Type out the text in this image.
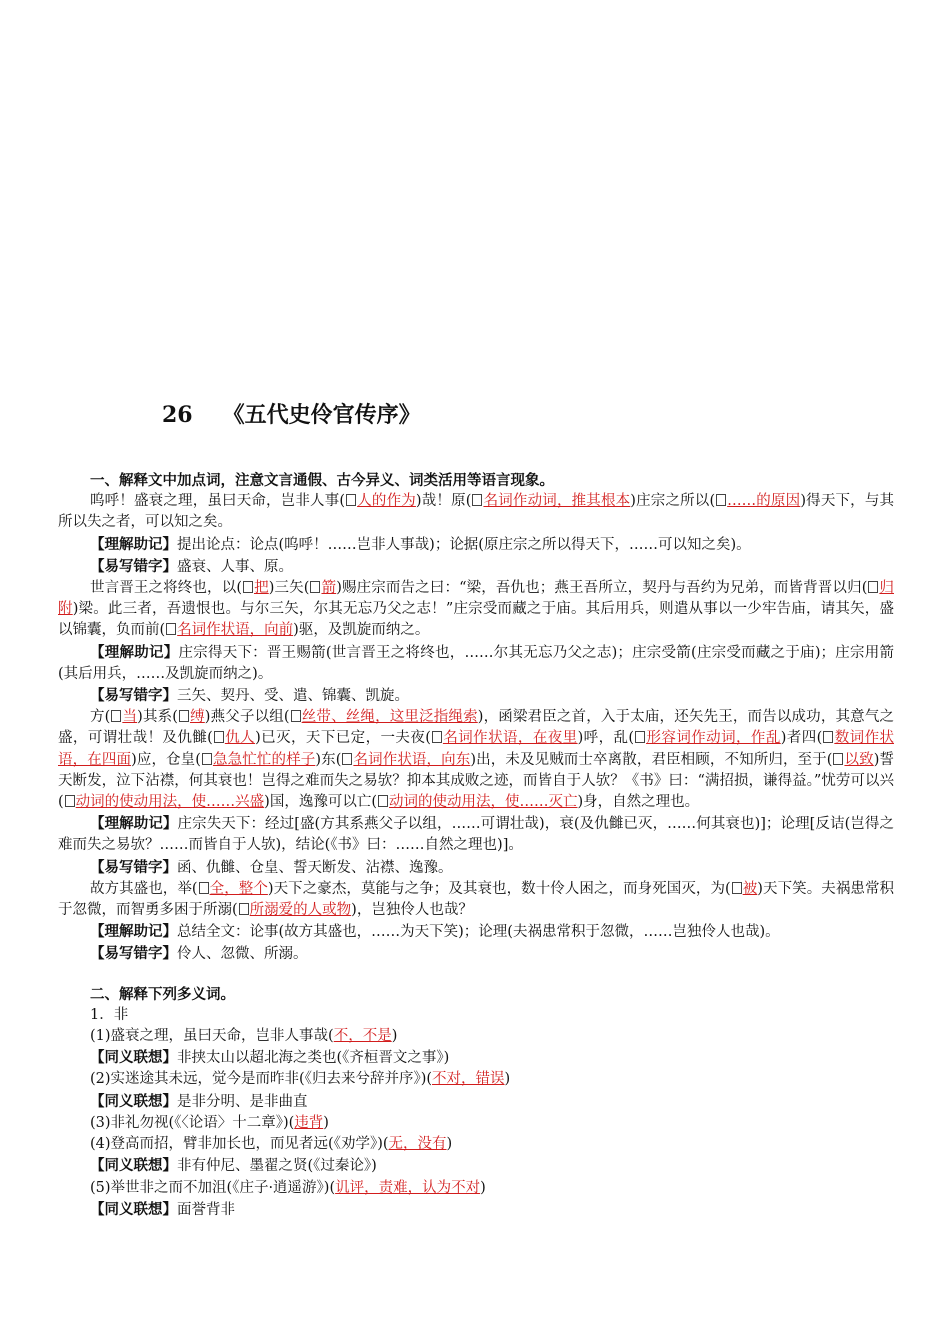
26 《五代史伶官传序》
一、解释文中加点词，注意文言通假、古今异义、词类活用等语言现象。
呜呼！盛衰之理，虽曰天命，岂非人事( 人的作为)哉！原( 名词作动词，推其根本)庄宗之所以( ……的原因)得天下，与其所以失之者，可以知之矣。
【理解助记】提出论点：论点(呜呼！……岂非人事哉)；论据(原庄宗之所以得天下，……可以知之矣)。
【易写错字】盛衰、人事、原。
世言晋王之将终也，以( 把)三矢( 箭)赐庄宗而告之曰：“梁，吾仇也；燕王吾所立，契丹与吾约为兄弟，而皆背晋以归( 归附)梁。此三者，吾遗恨也。与尔三矢，尔其无忘乃父之志！”庄宗受而藏之于庙。其后用兵，则遣从事以一少牢告庙，请其矢，盛以锦囊，负而前( 名词作状语，向前)驱，及凯旋而纳之。
【理解助记】庄宗得天下：晋王赐箭(世言晋王之将终也，……尔其无忘乃父之志)；庄宗受箭(庄宗受而藏之于庙)；庄宗用箭(其后用兵，……及凯旋而纳之)。
【易写错字】三矢、契丹、受、遣、锦囊、凯旋。
方( 当)其系( 缚)燕父子以组( 丝带、丝绳，这里泛指绳索)，函梁君臣之首，入于太庙，还矢先王，而告以成功，其意气之盛，可谓壮哉！及仇雠( 仇人)已灭，天下已定，一夫夜( 名词作状语，在夜里)呼，乱( 形容词作动词，作乱)者四( 数词作状语，在四面)应，仓皇( 急急忙忙的样子)东( 名词作状语，向东)出，未及见贼而士卒离散，君臣相顾，不知所归，至于( 以致)誓天断发，泣下沾襟，何其衰也！岂得之难而失之易欤？抑本其成败之迹，而皆自于人欤？《书》曰：“满招损，谦得益。”忧劳可以兴( 动词的使动用法，使……兴盛)国，逸豫可以亡( 动词的使动用法，使……灭亡)身，自然之理也。
【理解助记】庄宗失天下：经过[盛(方其系燕父子以组，……可谓壮哉)，衰(及仇雠已灭，……何其衰也)]；论理[反诘(岂得之难而失之易欤？……而皆自于人欤)，结论(《书》曰：……自然之理也)]。
【易写错字】函、仇雠、仓皇、誓天断发、沾襟、逸豫。
故方其盛也，举( 全，整个)天下之豪杰，莫能与之争；及其衰也，数十伶人困之，而身死国灭，为( 被)天下笑。夫祸患常积于忽微，而智勇多困于所溺( 所溺爱的人或物)，岂独伶人也哉？
【理解助记】总结全文：论事(故方其盛也，……为天下笑)；论理(夫祸患常积于忽微，……岂独伶人也哉)。
【易写错字】伶人、忽微、所溺。
二、解释下列多义词。
1．非
(1)盛衰之理，虽曰天命，岂非人事哉(不，不是)
【同义联想】非挟太山以超北海之类也(《齐桓晋文之事》)
(2)实迷途其未远，觉今是而昨非(《归去来兮辞并序》)(不对，错误)
【同义联想】是非分明、是非曲直
(3)非礼勿视(《〈论语〉十二章》)(违背)
(4)登高而招，臂非加长也，而见者远(《劝学》)(无，没有)
【同义联想】非有仲尼、墨翟之贤(《过秦论》)
(5)举世非之而不加沮(《庄子·逍遥游》)(讥评，责难，认为不对)
【同义联想】面誉背非
